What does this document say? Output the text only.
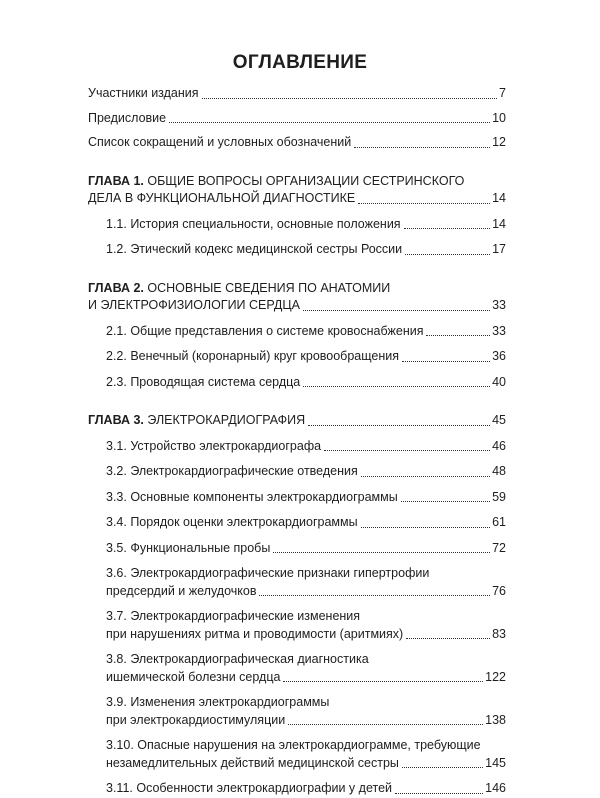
ОГЛАВЛЕНИЕ
Участники издания	7
Предисловие	10
Список сокращений и условных обозначений	12
ГЛАВА 1. ОБЩИЕ ВОПРОСЫ ОРГАНИЗАЦИИ СЕСТРИНСКОГО
ДЕЛА В ФУНКЦИОНАЛЬНОЙ ДИАГНОСТИКЕ	14
1.1. История специальности, основные положения	14
1.2. Этический кодекс медицинской сестры России	17
ГЛАВА 2. ОСНОВНЫЕ СВЕДЕНИЯ ПО АНАТОМИИ
И ЭЛЕКТРОФИЗИОЛОГИИ СЕРДЦА	33
2.1. Общие представления о системе кровоснабжения	33
2.2. Венечный (коронарный) круг кровообращения	36
2.3. Проводящая система сердца	40
ГЛАВА 3. ЭЛЕКТРОКАРДИОГРАФИЯ	45
3.1. Устройство электрокардиографа	46
3.2. Электрокардиографические отведения	48
3.3. Основные компоненты электрокардиограммы	59
3.4. Порядок оценки электрокардиограммы	61
3.5. Функциональные пробы	72
3.6. Электрокардиографические признаки гипертрофии
предсердий и желудочков	76
3.7. Электрокардиографические изменения
при нарушениях ритма и проводимости (аритмиях)	83
3.8. Электрокардиографическая диагностика
ишемической болезни сердца	122
3.9. Изменения электрокардиограммы
при электрокардиостимуляции	138
3.10. Опасные нарушения на электрокардиограмме, требующие
незамедлительных действий медицинской сестры	145
3.11. Особенности электрокардиографии у детей	146
